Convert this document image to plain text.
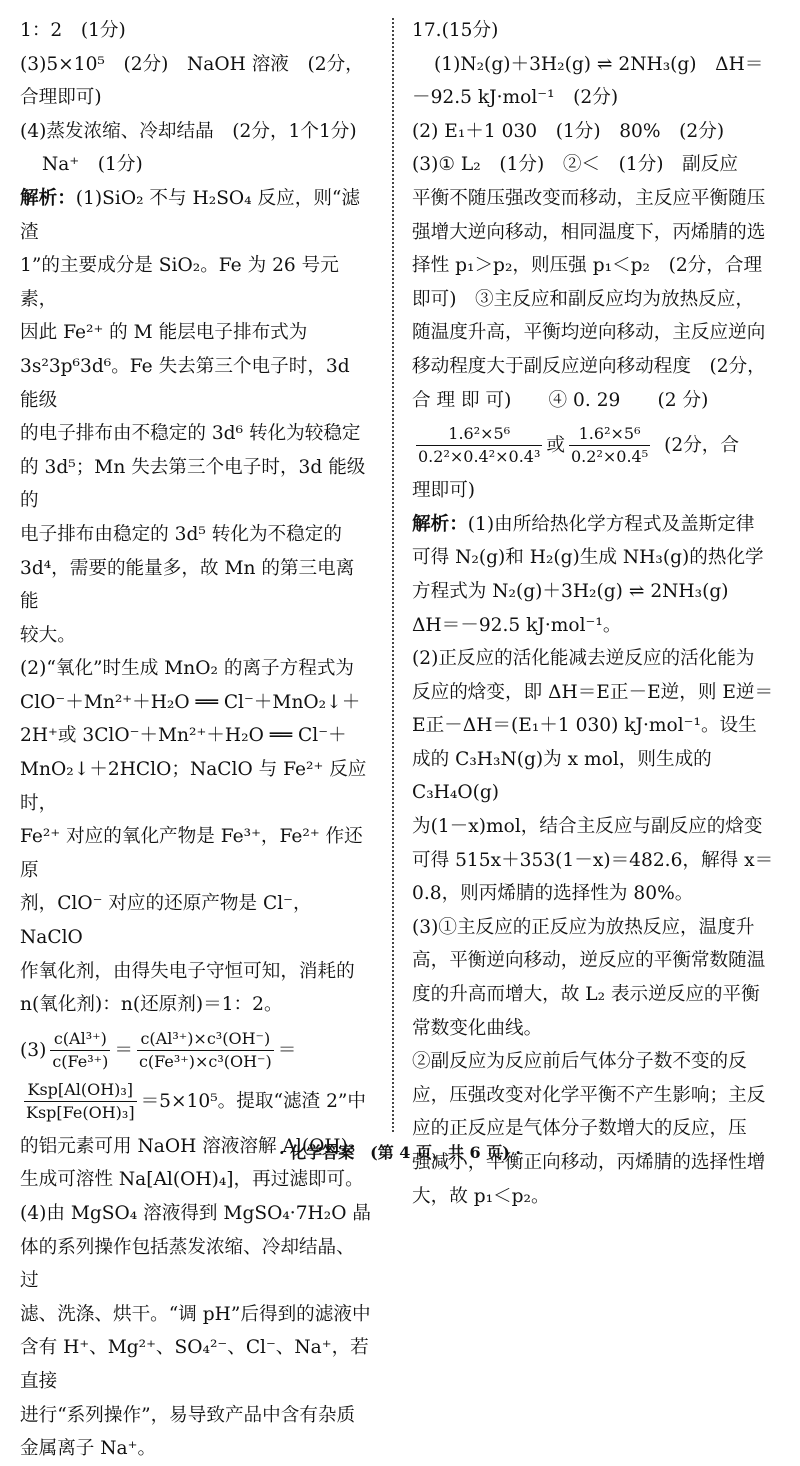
1：2　(1分)

(3)5×10⁵　(2分)　NaOH 溶液　(2分，

合理即可)

(4)蒸发浓缩、冷却结晶　(2分，1个1分)

Na⁺　(1分)

解析：(1)SiO₂ 不与 H₂SO₄ 反应，则“滤渣

1”的主要成分是 SiO₂。Fe 为 26 号元素，

因此 Fe²⁺ 的 M 能层电子排布式为

3s²3p⁶3d⁶。Fe 失去第三个电子时，3d 能级

的电子排布由不稳定的 3d⁶ 转化为较稳定

的 3d⁵；Mn 失去第三个电子时，3d 能级的

电子排布由稳定的 3d⁵ 转化为不稳定的

3d⁴，需要的能量多，故 Mn 的第三电离能

较大。

(2)“氧化”时生成 MnO₂ 的离子方程式为

ClO⁻＋Mn²⁺＋H₂O ══ Cl⁻＋MnO₂↓＋

2H⁺或 3ClO⁻＋Mn²⁺＋H₂O ══ Cl⁻＋

MnO₂↓＋2HClO；NaClO 与 Fe²⁺ 反应时，

Fe²⁺ 对应的氧化产物是 Fe³⁺，Fe²⁺ 作还原

剂，ClO⁻ 对应的还原产物是 Cl⁻，NaClO

作氧化剂，由得失电子守恒可知，消耗的

n(氧化剂)：n(还原剂)＝1：2。

$(3) \frac{\text{c(Al³⁺)}}{\text{c(Fe³⁺)}} = \frac{\text{c(Al³⁺)×c³(OH⁻)}}{\text{c(Fe³⁺)×c³(OH⁻)}}$ ＝
$\frac{\text{Ksp[Al(OH)₃]}}{\text{Ksp[Fe(OH)₃]}} =5\times 10^5$。提取“滤渣 2”中

的铝元素可用 NaOH 溶液溶解 Al(OH)₃

生成可溶性 Na[Al(OH)₄]，再过滤即可。

(4)由 MgSO₄ 溶液得到 MgSO₄·7H₂O 晶

体的系列操作包括蒸发浓缩、冷却结晶、过

滤、洗涤、烘干。“调 pH”后得到的滤液中

含有 H⁺、Mg²⁺、SO₄²⁻、Cl⁻、Na⁺，若直接

进行“系列操作”，易导致产品中含有杂质

金属离子 Na⁺。

17.(15分)

(1)N₂(g)＋3H₂(g) ⇌ 2NH₃(g)　ΔH＝

－92.5 kJ·mol⁻¹　(2分)

(2) E₁＋1 030　(1分)　80%　(2分)

(3)① L₂　(1分)　②＜　(1分)　副反应

平衡不随压强改变而移动，主反应平衡随压

强增大逆向移动，相同温度下，丙烯腈的选

择性 p₁＞p₂，则压强 p₁＜p₂　(2分，合理

即可)　③主反应和副反应均为放热反应，

随温度升高，平衡均逆向移动，主反应逆向

移动程度大于副反应逆向移动程度　(2分，

合 理 即 可)　　④ 0. 29　　(2 分)

$\frac{\text{1.6²×5⁶}}{\text{0.2²×0.4²×0.4³}}$ 或 $\frac{\text{1.6²×5⁶}}{\text{0.2²×0.4⁵}} (2$分，合

理即可)

解析：(1)由所给热化学方程式及盖斯定律

可得 N₂(g)和 H₂(g)生成 NH₃(g)的热化学

方程式为 N₂(g)＋3H₂(g) ⇌ 2NH₃(g)

ΔH＝－92.5 kJ·mol⁻¹。

(2)正反应的活化能减去逆反应的活化能为

反应的焓变，即 ΔH＝E正－E逆，则 E逆＝

E正－ΔH＝(E₁＋1 030) kJ·mol⁻¹。设生

成的 C₃H₃N(g)为 x mol，则生成的 C₃H₄O(g)

为(1－x)mol，结合主反应与副反应的焓变

可得 515x＋353(1－x)＝482.6，解得 x＝

0.8，则丙烯腈的选择性为 80%。

(3)①主反应的正反应为放热反应，温度升

高，平衡逆向移动，逆反应的平衡常数随温

度的升高而增大，故 L₂ 表示逆反应的平衡

常数变化曲线。

②副反应为反应前后气体分子数不变的反

应，压强改变对化学平衡不产生影响；主反

应的正反应是气体分子数增大的反应，压

强减小，平衡正向移动，丙烯腈的选择性增

大，故 p₁＜p₂。

· 化学答案　(第 4 页，共 6 页) ·
